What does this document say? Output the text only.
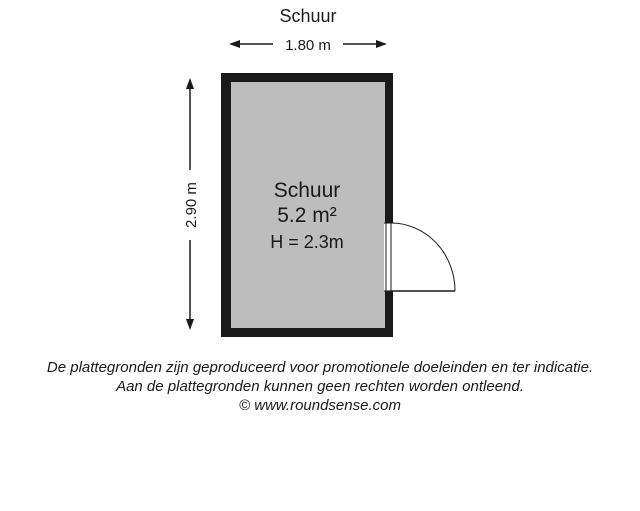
Schuur
1.80 m
2.90 m	Schuur
5.2 m²
H = 2.3m
De plattegronden zijn geproduceerd voor promotionele doeleinden en ter indicatie.
Aan de plattegronden kunnen geen rechten worden ontleend.
© www.roundsense.com
